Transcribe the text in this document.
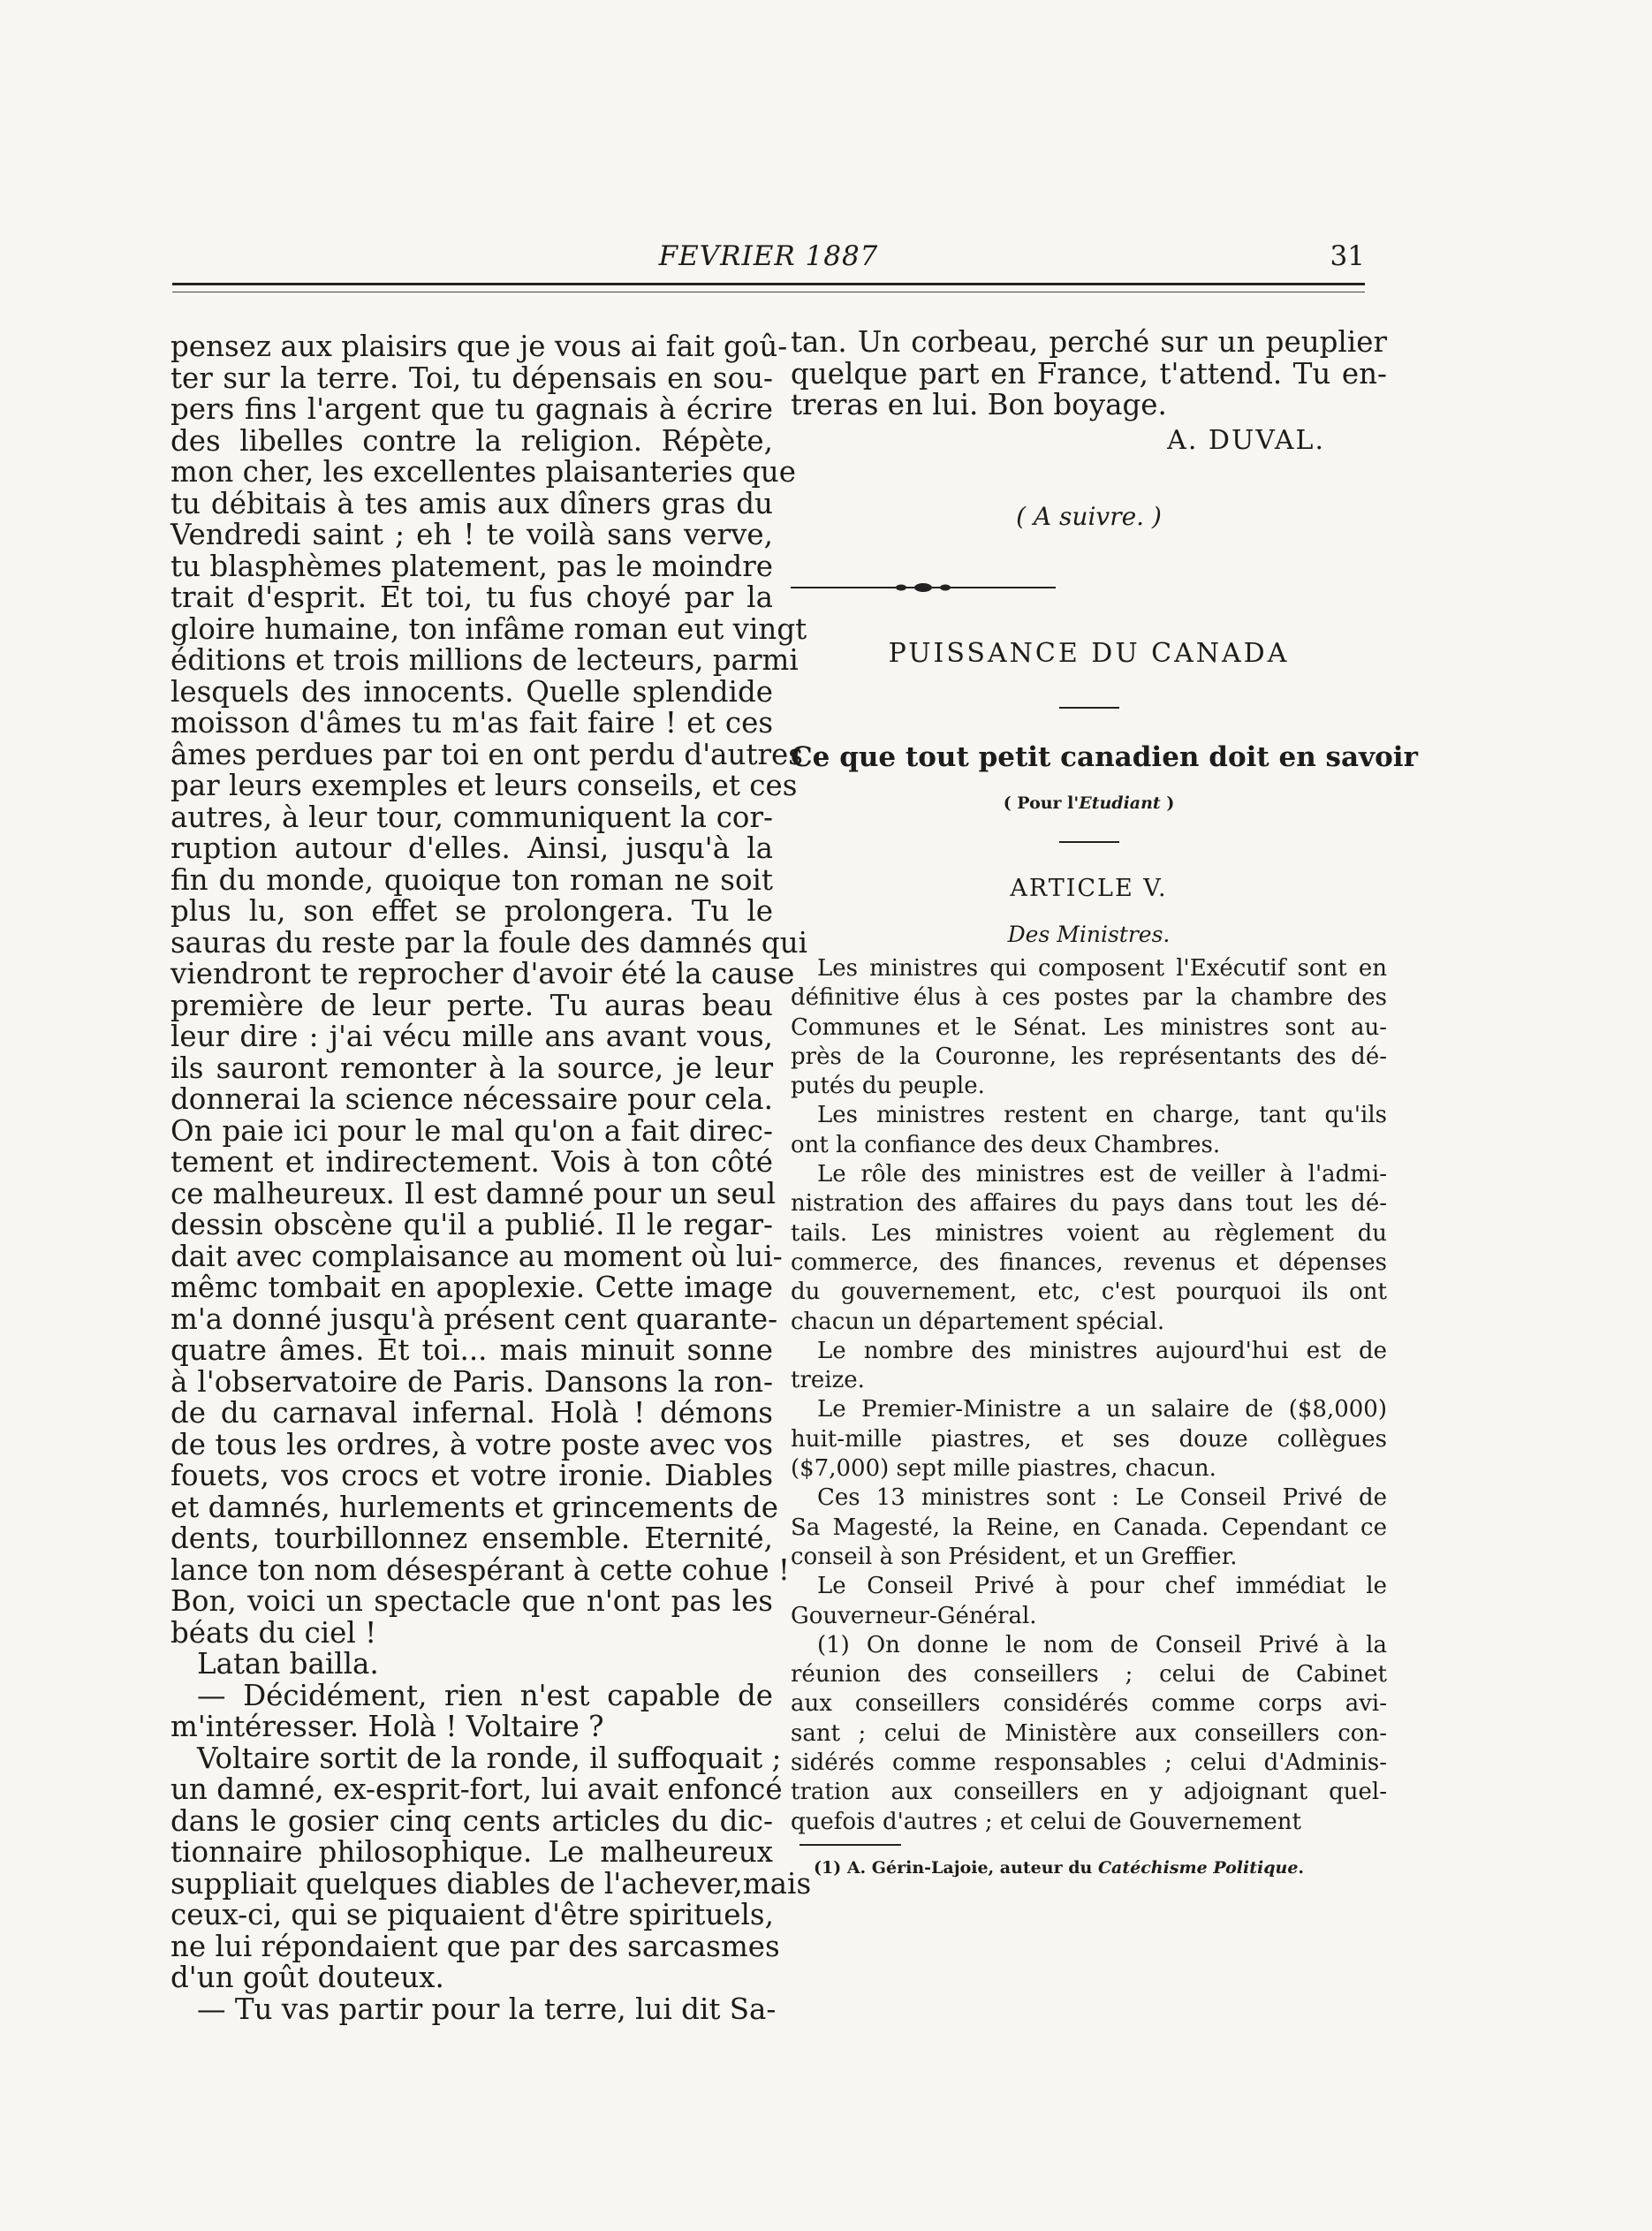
FEVRIER 1887	31
pensez aux plaisirs que je vous ai fait goû-
ter sur la terre. Toi, tu dépensais en sou-
pers fins l'argent que tu gagnais à écrire
des libelles contre la religion. Répète,
mon cher, les excellentes plaisanteries que
tu débitais à tes amis aux dîners gras du
Vendredi saint ; eh ! te voilà sans verve,
tu blasphèmes platement, pas le moindre
trait d'esprit. Et toi, tu fus choyé par la
gloire humaine, ton infâme roman eut vingt
éditions et trois millions de lecteurs, parmi
lesquels des innocents. Quelle splendide
moisson d'âmes tu m'as fait faire ! et ces
âmes perdues par toi en ont perdu d'autres
par leurs exemples et leurs conseils, et ces
autres, à leur tour, communiquent la cor-
ruption autour d'elles. Ainsi, jusqu'à la
fin du monde, quoique ton roman ne soit
plus lu, son effet se prolongera. Tu le
sauras du reste par la foule des damnés qui
viendront te reprocher d'avoir été la cause
première de leur perte. Tu auras beau
leur dire : j'ai vécu mille ans avant vous,
ils sauront remonter à la source, je leur
donnerai la science nécessaire pour cela.
On paie ici pour le mal qu'on a fait direc-
tement et indirectement. Vois à ton côté
ce malheureux. Il est damné pour un seul
dessin obscène qu'il a publié. Il le regar-
dait avec complaisance au moment où lui-
mêmc tombait en apoplexie. Cette image
m'a donné jusqu'à présent cent quarante-
quatre âmes. Et toi... mais minuit sonne
à l'observatoire de Paris. Dansons la ron-
de du carnaval infernal. Holà ! démons
de tous les ordres, à votre poste avec vos
fouets, vos crocs et votre ironie. Diables
et damnés, hurlements et grincements de
dents, tourbillonnez ensemble. Eternité,
lance ton nom désespérant à cette cohue !
Bon, voici un spectacle que n'ont pas les
béats du ciel !
Latan bailla.
— Décidément, rien n'est capable de
m'intéresser. Holà ! Voltaire ?
Voltaire sortit de la ronde, il suffoquait ;
un damné, ex-esprit-fort, lui avait enfoncé
dans le gosier cinq cents articles du dic-
tionnaire philosophique. Le malheureux
suppliait quelques diables de l'achever,mais
ceux-ci, qui se piquaient d'être spirituels,
ne lui répondaient que par des sarcasmes
d'un goût douteux.
— Tu vas partir pour la terre, lui dit Sa-
tan. Un corbeau, perché sur un peuplier
quelque part en France, t'attend. Tu en-
treras en lui. Bon boyage.
A. DUVAL.
( A suivre. )
PUISSANCE DU CANADA
Ce que tout petit canadien doit en savoir
( Pour l'Etudiant )
ARTICLE V.
Des Ministres.
Les ministres qui composent l'Exécutif sont en
définitive élus à ces postes par la chambre des
Communes et le Sénat. Les ministres sont au-
près de la Couronne, les représentants des dé-
putés du peuple.
Les ministres restent en charge, tant qu'ils
ont la confiance des deux Chambres.
Le rôle des ministres est de veiller à l'admi-
nistration des affaires du pays dans tout les dé-
tails. Les ministres voient au règlement du
commerce, des finances, revenus et dépenses
du gouvernement, etc, c'est pourquoi ils ont
chacun un département spécial.
Le nombre des ministres aujourd'hui est de
treize.
Le Premier-Ministre a un salaire de ($8,000)
huit-mille piastres, et ses douze collègues
($7,000) sept mille piastres, chacun.
Ces 13 ministres sont : Le Conseil Privé de
Sa Magesté, la Reine, en Canada. Cependant ce
conseil à son Président, et un Greffier.
Le Conseil Privé à pour chef immédiat le
Gouverneur-Général.
(1) On donne le nom de Conseil Privé à la
réunion des conseillers ; celui de Cabinet
aux conseillers considérés comme corps avi-
sant ; celui de Ministère aux conseillers con-
sidérés comme responsables ; celui d'Adminis-
tration aux conseillers en y adjoignant quel-
quefois d'autres ; et celui de Gouvernement
(1) A. Gérin-Lajoie, auteur du Catéchisme Politique.
